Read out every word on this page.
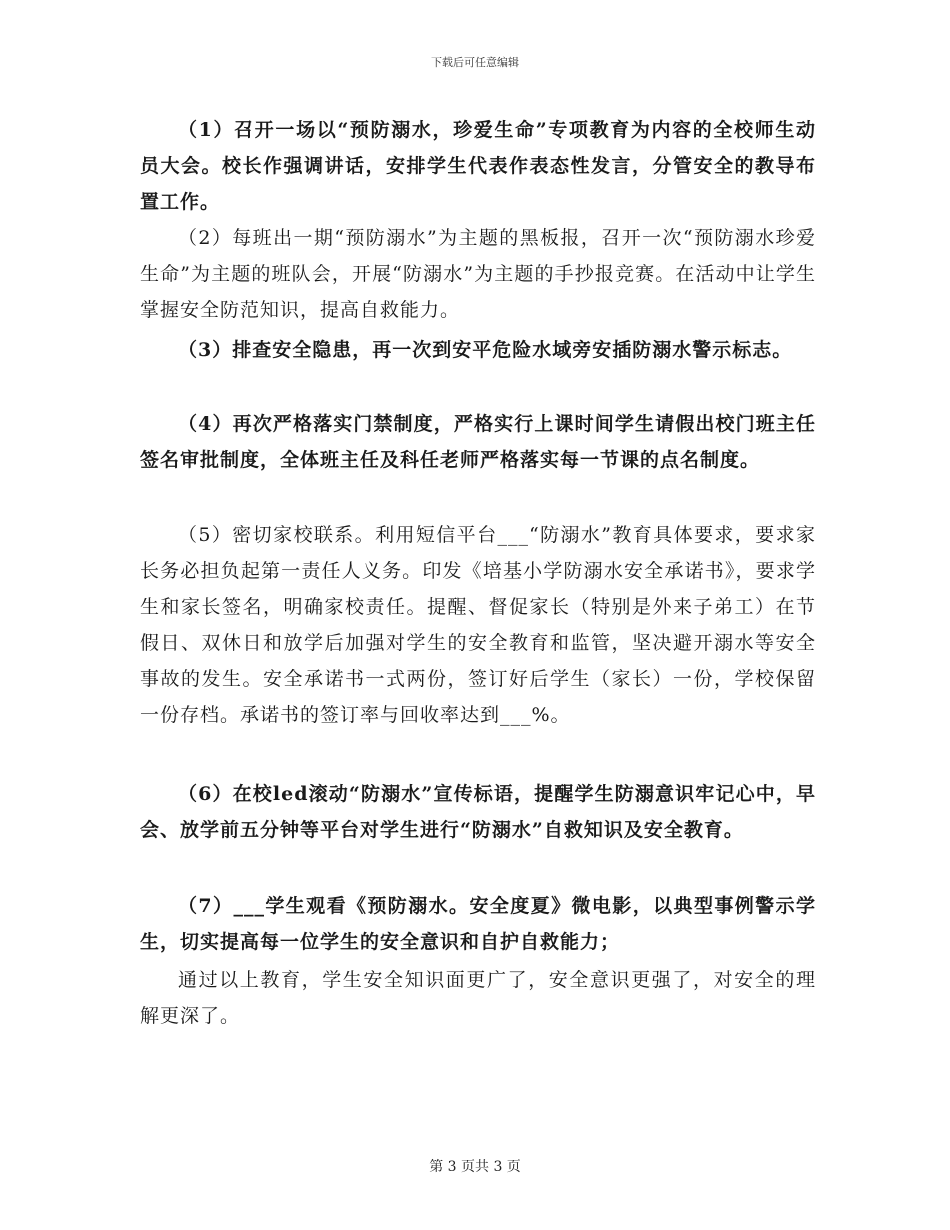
下载后可任意编辑

（1）召开一场以“预防溺水，珍爱生命”专项教育为内容的全校师生动员大会。校长作强调讲话，安排学生代表作表态性发言，分管安全的教导布置工作。

（2）每班出一期“预防溺水”为主题的黑板报，召开一次“预防溺水珍爱生命”为主题的班队会，开展“防溺水”为主题的手抄报竞赛。在活动中让学生掌握安全防范知识，提高自救能力。

（3）排查安全隐患，再一次到安平危险水域旁安插防溺水警示标志。

（4）再次严格落实门禁制度，严格实行上课时间学生请假出校门班主任签名审批制度，全体班主任及科任老师严格落实每一节课的点名制度。

（5）密切家校联系。利用短信平台___“防溺水”教育具体要求，要求家长务必担负起第一责任人义务。印发《培基小学防溺水安全承诺书》，要求学生和家长签名，明确家校责任。提醒、督促家长（特别是外来子弟工）在节假日、双休日和放学后加强对学生的安全教育和监管，坚决避开溺水等安全事故的发生。安全承诺书一式两份，签订好后学生（家长）一份，学校保留一份存档。承诺书的签订率与回收率达到___%。

（6）在校led滚动“防溺水”宣传标语，提醒学生防溺意识牢记心中，早会、放学前五分钟等平台对学生进行“防溺水”自救知识及安全教育。

（7）___学生观看《预防溺水。安全度夏》微电影，以典型事例警示学生，切实提高每一位学生的安全意识和自护自救能力；

通过以上教育，学生安全知识面更广了，安全意识更强了，对安全的理解更深了。

第 3 页共 3 页
